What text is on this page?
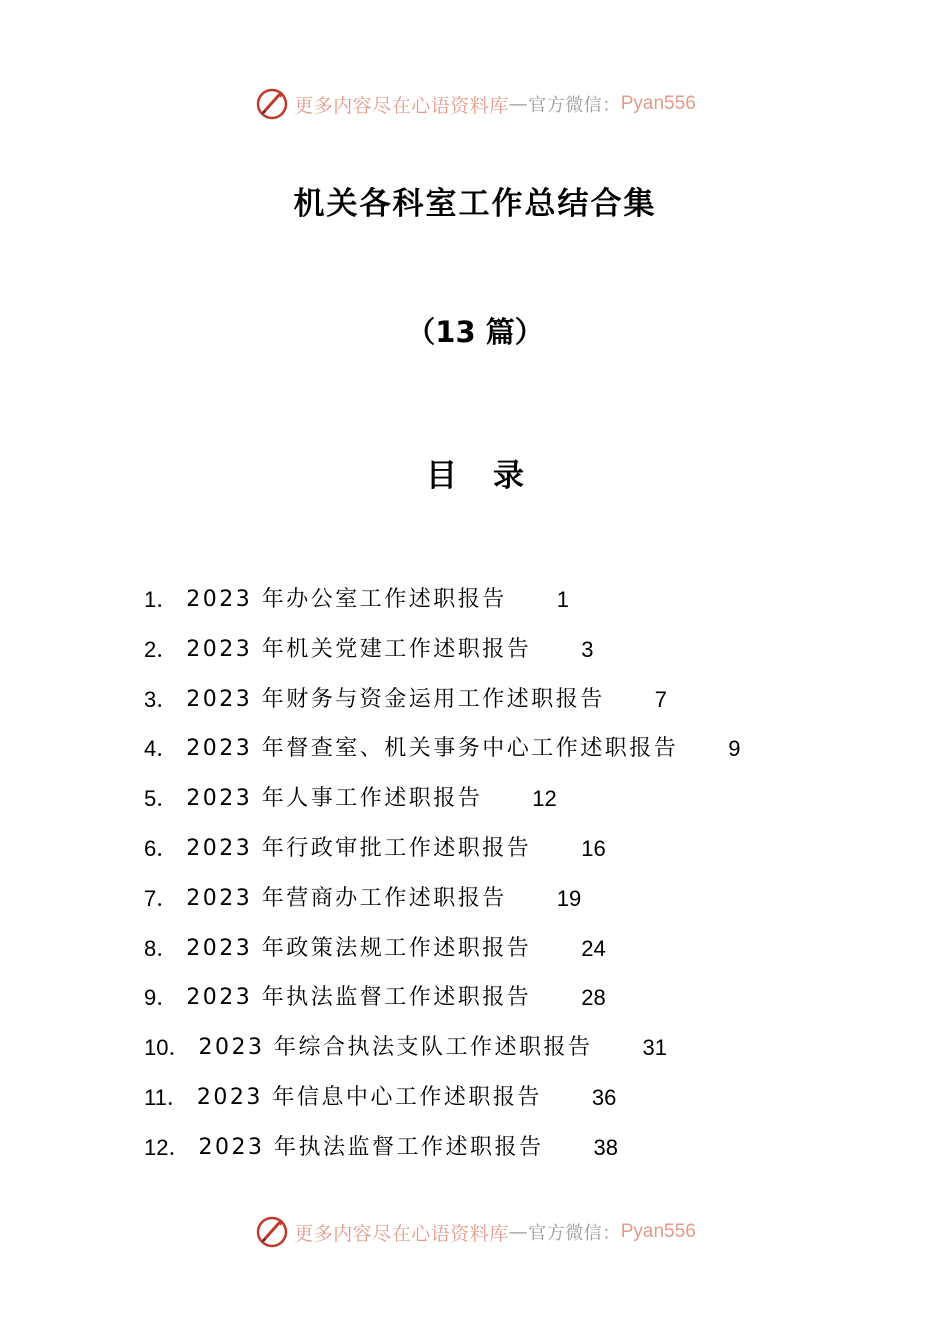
更多内容尽在心语资料库 — 官方微信： Pyan556
机关各科室工作总结合集
（13 篇）
目录
1． 2023 年办公室工作述职报告 1
2． 2023 年机关党建工作述职报告 3
3． 2023 年财务与资金运用工作述职报告 7
4． 2023 年督查室、机关事务中心工作述职报告 9
5． 2023 年人事工作述职报告 12
6． 2023 年行政审批工作述职报告 16
7． 2023 年营商办工作述职报告 19
8． 2023 年政策法规工作述职报告 24
9． 2023 年执法监督工作述职报告 28
10． 2023 年综合执法支队工作述职报告 31
11． 2023 年信息中心工作述职报告 36
12． 2023 年执法监督工作述职报告 38
更多内容尽在心语资料库 — 官方微信： Pyan556
